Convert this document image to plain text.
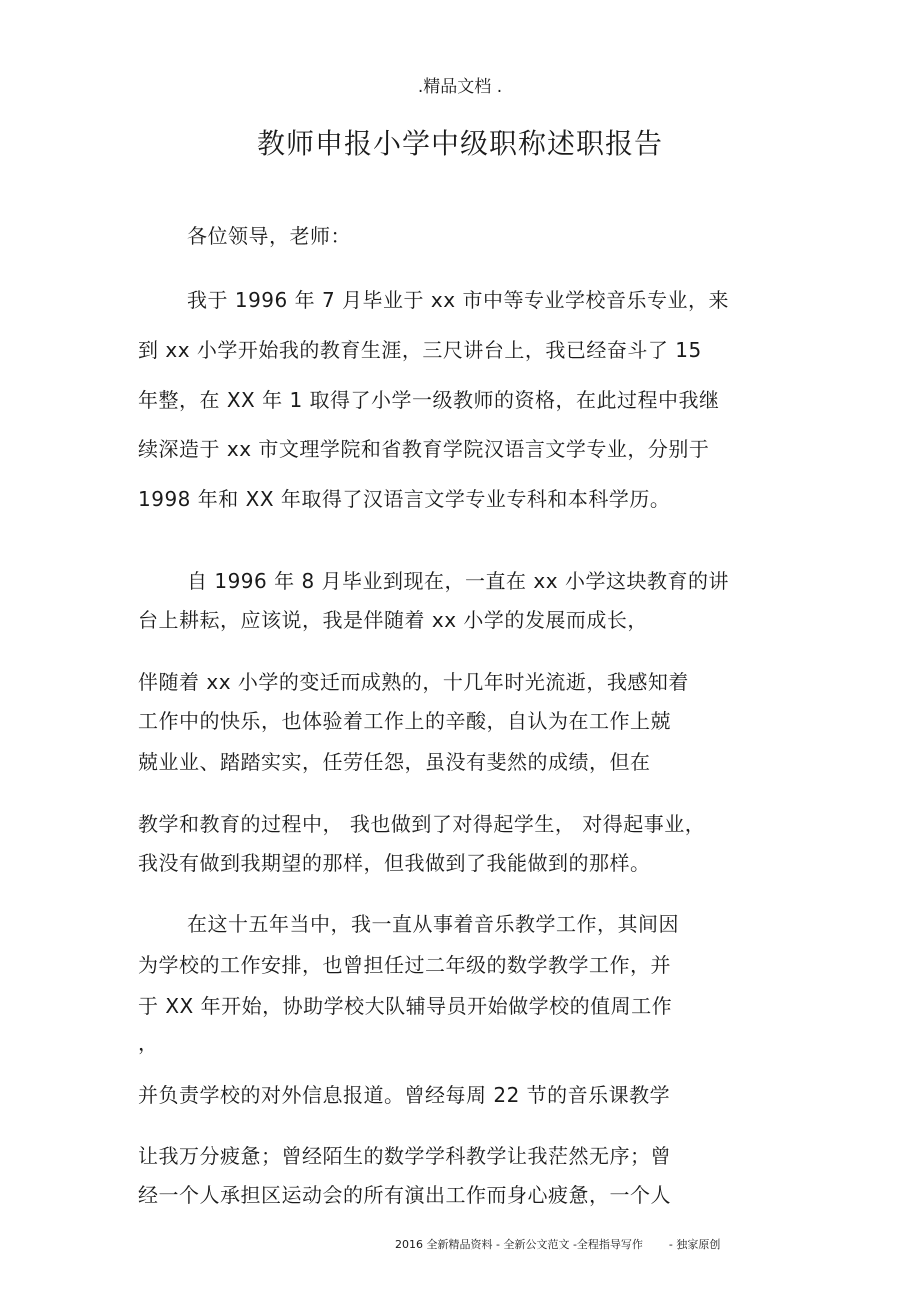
.精品文档 .
教师申报小学中级职称述职报告
各位领导，老师：
我于 1996 年 7 月毕业于 xx 市中等专业学校音乐专业，来
到 xx 小学开始我的教育生涯，三尺讲台上，我已经奋斗了 15
年整，在 XX 年 1 取得了小学一级教师的资格，在此过程中我继
续深造于 xx 市文理学院和省教育学院汉语言文学专业，分别于
1998 年和 XX 年取得了汉语言文学专业专科和本科学历。
自 1996 年 8 月毕业到现在，一直在 xx 小学这块教育的讲
台上耕耘，应该说，我是伴随着 xx 小学的发展而成长，
伴随着 xx 小学的变迁而成熟的，十几年时光流逝，我感知着
工作中的快乐，也体验着工作上的辛酸，自认为在工作上兢
兢业业、踏踏实实，任劳任怨，虽没有斐然的成绩，但在
教学和教育的过程中， 我也做到了对得起学生， 对得起事业，
我没有做到我期望的那样，但我做到了我能做到的那样。
在这十五年当中，我一直从事着音乐教学工作，其间因
为学校的工作安排，也曾担任过二年级的数学教学工作，并
于 XX 年开始，协助学校大队辅导员开始做学校的值周工作
，
并负责学校的对外信息报道。曾经每周 22 节的音乐课教学
让我万分疲惫；曾经陌生的数学学科教学让我茫然无序；曾
经一个人承担区运动会的所有演出工作而身心疲惫，一个人
2016 全新精品资料 - 全新公文范文 -全程指导写作 - 独家原创
